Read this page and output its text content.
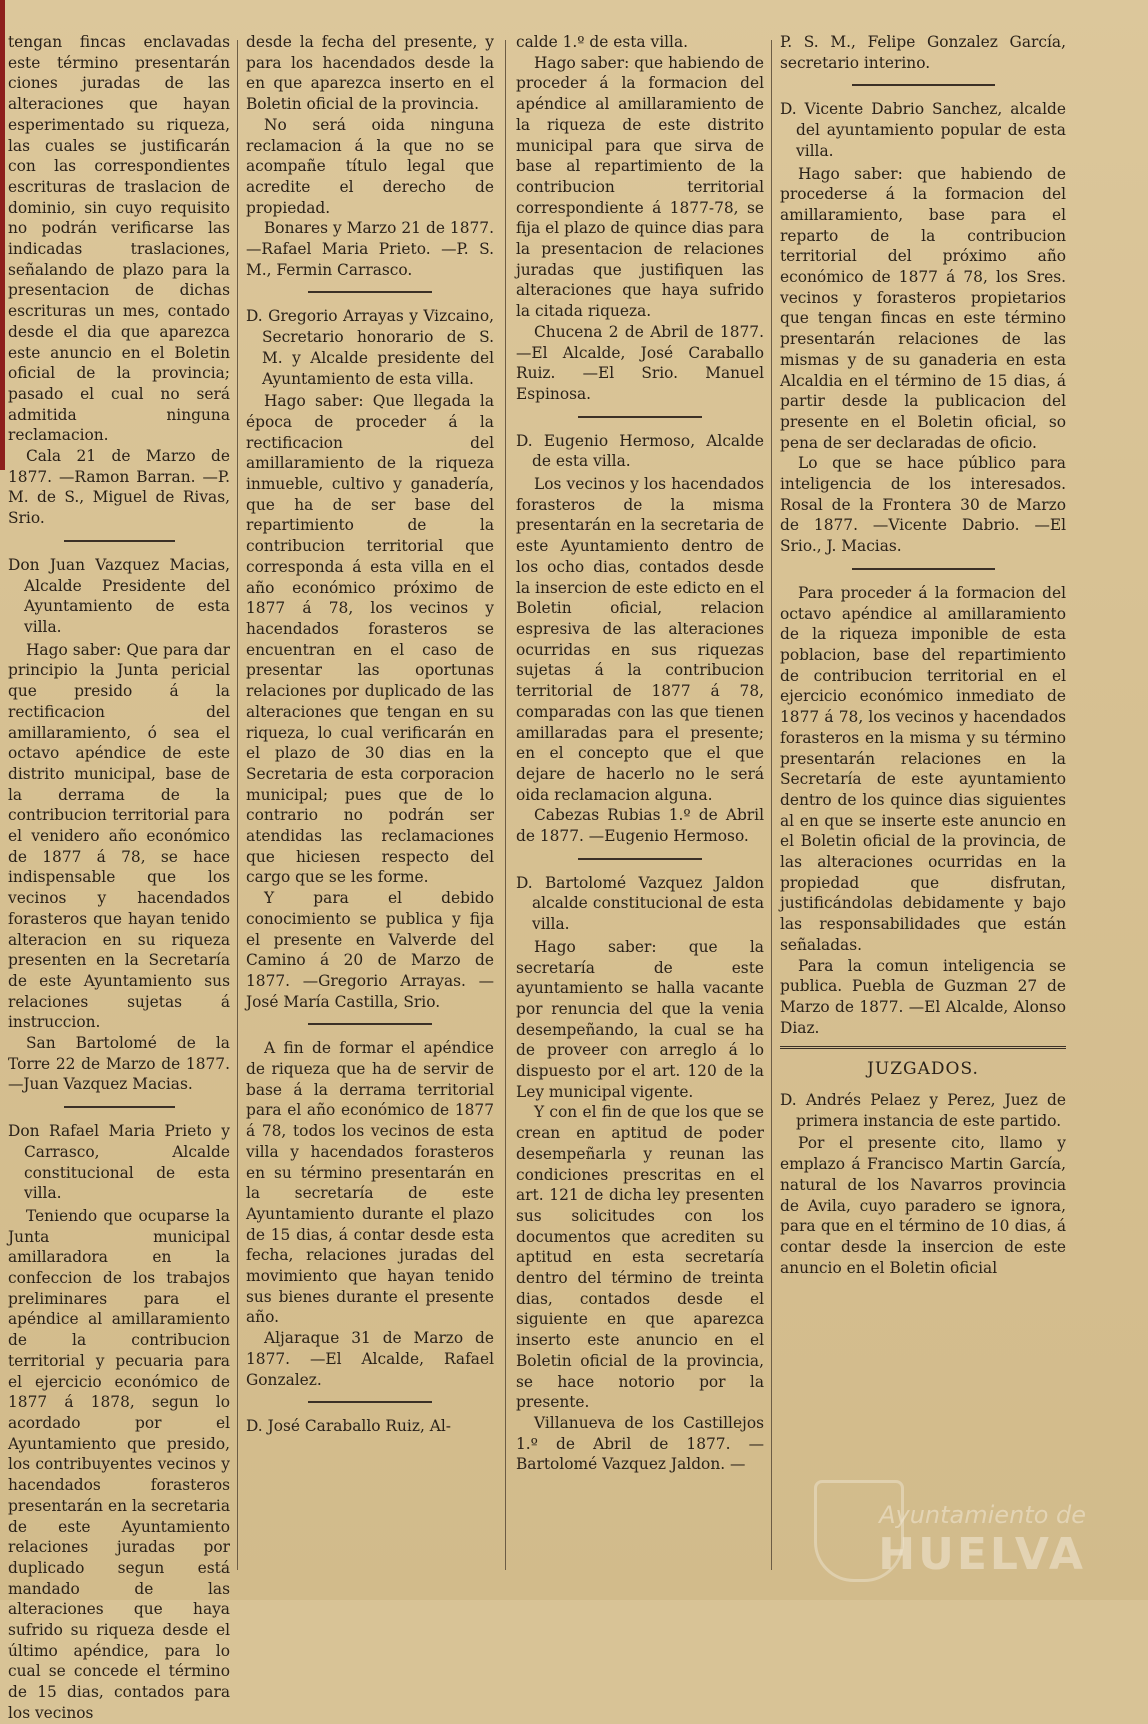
tengan fincas enclavadas este término presentarán ciones juradas de las alteraciones que hayan esperimentado su riqueza, las cuales se justificarán con las correspondientes escrituras de traslacion de dominio, sin cuyo requisito no podrán verificarse las indicadas traslaciones, señalando de plazo para la presentacion de dichas escrituras un mes, contado desde el dia que aparezca este anuncio en el Boletin oficial de la provincia; pasado el cual no será admitida ninguna reclamacion.

Cala 21 de Marzo de 1877. —Ramon Barran. —P. M. de S., Miguel de Rivas, Srio.

Don Juan Vazquez Macias, Alcalde Presidente del Ayuntamiento de esta villa.

Hago saber: Que para dar principio la Junta pericial que presido á la rectificacion del amillaramiento, ó sea el octavo apéndice de este distrito municipal, base de la derrama de la contribucion territorial para el venidero año económico de 1877 á 78, se hace indispensable que los vecinos y hacendados forasteros que hayan tenido alteracion en su riqueza presenten en la Secretaría de este Ayuntamiento sus relaciones sujetas á instruccion.

San Bartolomé de la Torre 22 de Marzo de 1877. —Juan Vazquez Macias.

Don Rafael Maria Prieto y Carrasco, Alcalde constitucional de esta villa.

Teniendo que ocuparse la Junta municipal amillaradora en la confeccion de los trabajos preliminares para el apéndice al amillaramiento de la contribucion territorial y pecuaria para el ejercicio económico de 1877 á 1878, segun lo acordado por el Ayuntamiento que presido, los contribuyentes vecinos y hacendados forasteros presentarán en la secretaria de este Ayuntamiento relaciones juradas por duplicado segun está mandado de las alteraciones que haya sufrido su riqueza desde el último apéndice, para lo cual se concede el término de 15 dias, contados para los vecinos

desde la fecha del presente, y para los hacendados desde la en que aparezca inserto en el Boletin oficial de la provincia.

No será oida ninguna reclamacion á la que no se acompañe título legal que acredite el derecho de propiedad.

Bonares y Marzo 21 de 1877. —Rafael Maria Prieto. —P. S. M., Fermin Carrasco.

D. Gregorio Arrayas y Vizcaino, Secretario honorario de S. M. y Alcalde presidente del Ayuntamiento de esta villa.

Hago saber: Que llegada la época de proceder á la rectificacion del amillaramiento de la riqueza inmueble, cultivo y ganadería, que ha de ser base del repartimiento de la contribucion territorial que corresponda á esta villa en el año económico próximo de 1877 á 78, los vecinos y hacendados forasteros se encuentran en el caso de presentar las oportunas relaciones por duplicado de las alteraciones que tengan en su riqueza, lo cual verificarán en el plazo de 30 dias en la Secretaria de esta corporacion municipal; pues que de lo contrario no podrán ser atendidas las reclamaciones que hiciesen respecto del cargo que se les forme.

Y para el debido conocimiento se publica y fija el presente en Valverde del Camino á 20 de Marzo de 1877. —Gregorio Arrayas. —José María Castilla, Srio.

A fin de formar el apéndice de riqueza que ha de servir de base á la derrama territorial para el año económico de 1877 á 78, todos los vecinos de esta villa y hacendados forasteros en su término presentarán en la secretaría de este Ayuntamiento durante el plazo de 15 dias, á contar desde esta fecha, relaciones juradas del movimiento que hayan tenido sus bienes durante el presente año.

Aljaraque 31 de Marzo de 1877. —El Alcalde, Rafael Gonzalez.

D. José Caraballo Ruiz, Al-

calde 1.º de esta villa.

Hago saber: que habiendo de proceder á la formacion del apéndice al amillaramiento de la riqueza de este distrito municipal para que sirva de base al repartimiento de la contribucion territorial correspondiente á 1877-78, se fija el plazo de quince dias para la presentacion de relaciones juradas que justifiquen las alteraciones que haya sufrido la citada riqueza.

Chucena 2 de Abril de 1877. —El Alcalde, José Caraballo Ruiz. —El Srio. Manuel Espinosa.

D. Eugenio Hermoso, Alcalde de esta villa.

Los vecinos y los hacendados forasteros de la misma presentarán en la secretaria de este Ayuntamiento dentro de los ocho dias, contados desde la insercion de este edicto en el Boletin oficial, relacion espresiva de las alteraciones ocurridas en sus riquezas sujetas á la contribucion territorial de 1877 á 78, comparadas con las que tienen amillaradas para el presente; en el concepto que el que dejare de hacerlo no le será oida reclamacion alguna.

Cabezas Rubias 1.º de Abril de 1877. —Eugenio Hermoso.

D. Bartolomé Vazquez Jaldon alcalde constitucional de esta villa.

Hago saber: que la secretaría de este ayuntamiento se halla vacante por renuncia del que la venia desempeñando, la cual se ha de proveer con arreglo á lo dispuesto por el art. 120 de la Ley municipal vigente.

Y con el fin de que los que se crean en aptitud de poder desempeñarla y reunan las condiciones prescritas en el art. 121 de dicha ley presenten sus solicitudes con los documentos que acrediten su aptitud en esta secretaría dentro del término de treinta dias, contados desde el siguiente en que aparezca inserto este anuncio en el Boletin oficial de la provincia, se hace notorio por la presente.

Villanueva de los Castillejos 1.º de Abril de 1877. —Bartolomé Vazquez Jaldon. —

P. S. M., Felipe Gonzalez García, secretario interino.

D. Vicente Dabrio Sanchez, alcalde del ayuntamiento popular de esta villa.

Hago saber: que habiendo de procederse á la formacion del amillaramiento, base para el reparto de la contribucion territorial del próximo año económico de 1877 á 78, los Sres. vecinos y forasteros propietarios que tengan fincas en este término presentarán relaciones de las mismas y de su ganaderia en esta Alcaldia en el término de 15 dias, á partir desde la publicacion del presente en el Boletin oficial, so pena de ser declaradas de oficio.

Lo que se hace público para inteligencia de los interesados. Rosal de la Frontera 30 de Marzo de 1877. —Vicente Dabrio. —El Srio., J. Macias.

Para proceder á la formacion del octavo apéndice al amillaramiento de la riqueza imponible de esta poblacion, base del repartimiento de contribucion territorial en el ejercicio económico inmediato de 1877 á 78, los vecinos y hacendados forasteros en la misma y su término presentarán relaciones en la Secretaría de este ayuntamiento dentro de los quince dias siguientes al en que se inserte este anuncio en el Boletin oficial de la provincia, de las alteraciones ocurridas en la propiedad que disfrutan, justificándolas debidamente y bajo las responsabilidades que están señaladas.

Para la comun inteligencia se publica. Puebla de Guzman 27 de Marzo de 1877. —El Alcalde, Alonso Diaz.

JUZGADOS.

D. Andrés Pelaez y Perez, Juez de primera instancia de este partido.

Por el presente cito, llamo y emplazo á Francisco Martin García, natural de los Navarros provincia de Avila, cuyo paradero se ignora, para que en el término de 10 dias, á contar desde la insercion de este anuncio en el Boletin oficial

Ayuntamiento de
HUELVA
